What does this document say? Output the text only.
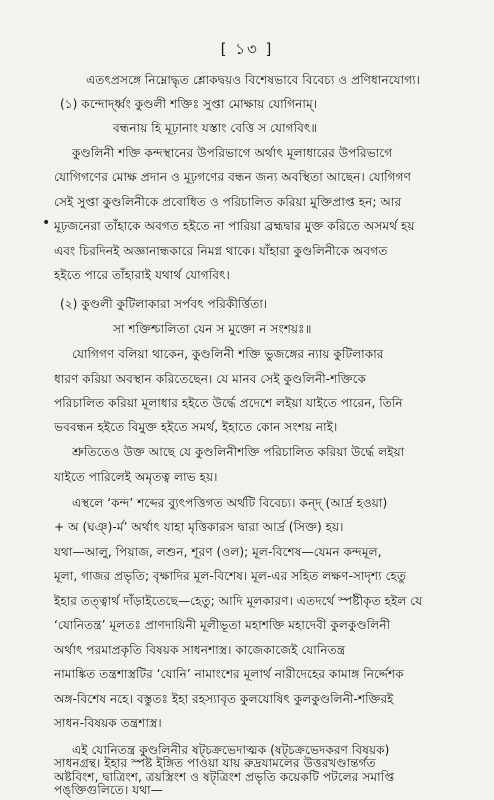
[ ১৩ ]
এতৎপ্রসঙ্গে নিম্নোদ্ধৃত শ্লোকদ্বয়ও বিশেষভাবে বিবেচ্য ও প্রণিধানযোগ্য।
(১) কন্দোর্দ্ধ্বং কুণ্ডলী শক্তিঃ সুপ্তা মোক্ষায় যোগিনাম্‌।
বন্ধনায় হি মূঢ়ানাং যস্তাং বেত্তি স যোগবিৎ॥
কুণ্ডলিনী শক্তি কন্দস্থানের উপরিভাগে অর্থাৎ মূলাধারের উপরিভাগে
যোগিগণের মোক্ষ প্রদান ও মূঢ়গণের বন্ধন জন্য অবস্থিতা আছেন। যোগিগণ
সেই সুপ্তা কুণ্ডলিনীকে প্রবোধিত ও পরিচালিত করিয়া মুক্তিপ্রাপ্ত হন; আর
• মূঢ়জনেরা তাঁহাকে অবগত হইতে না পারিয়া ব্রহ্মদ্বার মুক্ত করিতে অসমর্থ হয়
এবং চিরদিনই অজ্ঞানান্ধকারে নিমগ্ন থাকে। যাঁহারা কুণ্ডলিনীকে অবগত
হইতে পারে তাঁহারাই যথার্থ যোগবিৎ।
(২) কুণ্ডলী কুটিলাকারা সর্পবৎ পরিকীর্ত্তিতা।
সা শক্তিশ্চালিতা যেন স মুক্তো ন সংশয়ঃ॥
যোগিগণ বলিয়া থাকেন, কুণ্ডলিনী শক্তি ভুজঙ্গের ন্যায় কুটিলাকার
ধারণ করিয়া অবস্থান করিতেছেন। যে মানব সেই কুণ্ডলিনী-শক্তিকে
পরিচালিত করিয়া মূলাধার হইতে উর্দ্ধে প্রদেশে লইয়া যাইতে পারেন, তিনি
ভববন্ধন হইতে বিমুক্ত হইতে সমর্থ, ইহাতে কোন সংশয় নাই।
শ্রুতিতেও উক্ত আছে যে কুণ্ডলিনীশক্তি পরিচালিত করিয়া উর্দ্ধে লইয়া
যাইতে পারিলেই অমৃতত্ব লাভ হয়।
এস্থলে ‘কন্দ’ শব্দের ব্যুৎপত্তিগত অর্থটি বিবেচ্য। কন্দ্‌ (আর্দ্র হওয়া)
+ অ (ঘঞ্‌)-র্ম’ অর্থাৎ যাহা মৃত্তিকারস দ্বারা আর্দ্র (সিক্ত) হয়।
যথা—আলু, পিয়াজ, লশুন, শূরণ (ওল); মূল-বিশেষ—যেমন কন্দমূল,
মূলা, গাজর প্রভৃতি; বৃক্ষাদির মূল-বিশেষ। মূল-এর সহিত লক্ষণ-সাদৃশ্য হেতু
ইহার তত্ত্বার্থ দাঁড়াইতেছে—হেতু; আদি মূলকারণ। এতদর্থে স্পষ্টীকৃত হইল যে
‘যোনিতন্ত্র’ মূলতঃ প্রাণদায়িনী মূলীভূতা মহাশক্তি মহাদেবী কুলকুণ্ডলিনী
অর্থাৎ পরমাপ্রকৃতি বিষয়ক সাধনশাস্ত্র। কাজেকাজেই যোনিতন্ত্র
নামাঙ্কিত তন্ত্রশাস্ত্রটির ‘যোনি’ নামাংশের মূলার্থ নারীদেহের কামাঙ্গ নির্দ্দেশক
অঙ্গ-বিশেষ নহে। বস্তুতঃ ইহা রহস্যাবৃত কুলযোষিৎ কুলকুণ্ডলিনী-শক্তিরই
সাধন-বিষয়ক তন্ত্রশাস্ত্র।
এই যোনিতন্ত্র কুণ্ডলিনীর ষট্‌চক্রভেদাত্মক (ষট্‌চক্রভেদকরণ বিষয়ক)
সাধনগ্রন্থ। ইহার স্পষ্ট ইঙ্গিত পাওয়া যায় রুদ্রযামলের উত্তরখণ্ডান্তর্গত
অষ্টবিংশ, দ্বাত্রিংশ, ত্রয়স্ত্রিংশ ও ষট্‌ত্রিংশ প্রভৃতি কয়েকটি পটলের সমাপ্তি
পঙ্‌ক্তিগুলিতে। যথা—
